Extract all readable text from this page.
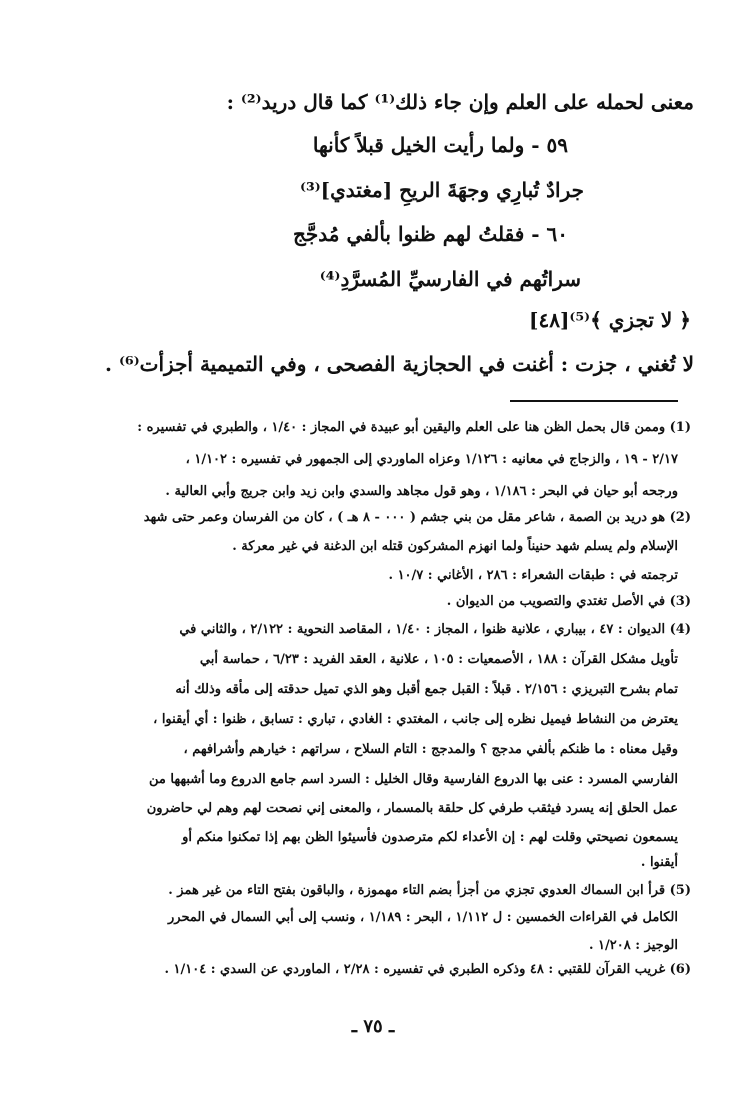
معنى لحمله على العلم وإن جاء ذلك⁽¹⁾ كما قال دريد⁽²⁾ :
٥٩ - ولما رأيت الخيل قبلاً كأنها
جرادٌ تُبارِي وجهَةَ الريحِ [مغتدي]⁽³⁾
٦٠ - فقلتُ لهم ظنوا بألفي مُدجَّج
سراتُهم في الفارسيِّ المُسرَّدِ⁽⁴⁾
﴿ لا تجزي ﴾⁽⁵⁾[٤٨]
لا تُغني ، جزت : أغنت في الحجازية الفصحى ، وفي التميمية أجزأت⁽⁶⁾ .
(1) وممن قال بحمل الظن هنا على العلم واليقين أبو عبيدة في المجاز : ١/٤٠ ، والطبري في تفسيره :
٢/١٧ - ١٩ ، والزجاج في معانيه : ١/١٢٦ وعزاه الماوردي إلى الجمهور في تفسيره : ١/١٠٢ ،
ورجحه أبو حيان في البحر : ١/١٨٦ ، وهو قول مجاهد والسدي وابن زيد وابن جريج وأبي العالية .
(2) هو دريد بن الصمة ، شاعر مقل من بني جشم ( ٠٠٠ - ٨ هـ ) ، كان من الفرسان وعمر حتى شهد
الإسلام ولم يسلم شهد حنيناً ولما انهزم المشركون قتله ابن الدغنة في غير معركة .
ترجمته في : طبقات الشعراء : ٢٨٦ ، الأغاني : ١٠/٧ .
(3) في الأصل تغتدي والتصويب من الديوان .
(4) الديوان : ٤٧ ، بيباري ، علانية ظنوا ، المجاز : ١/٤٠ ، المقاصد النحوية : ٢/١٢٢ ، والثاني في
تأويل مشكل القرآن : ١٨٨ ، الأصمعيات : ١٠٥ ، علانية ، العقد الفريد : ٦/٢٣ ، حماسة أبي
تمام بشرح التبريزي : ٢/١٥٦ . قبلاً : القبل جمع أقبل وهو الذي تميل حدقته إلى مأقه وذلك أنه
يعترض من النشاط فيميل نظره إلى جانب ، المغتدي : الغادي ، تباري : تسابق ، ظنوا : أي أيقنوا ،
وقيل معناه : ما ظنكم بألفي مدجج ؟ والمدجج : التام السلاح ، سراتهم : خيارهم وأشرافهم ،
الفارسي المسرد : عنى بها الدروع الفارسية وقال الخليل : السرد اسم جامع الدروع وما أشبهها من
عمل الحلق إنه يسرد فيثقب طرفي كل حلقة بالمسمار ، والمعنى إني نصحت لهم وهم لي حاضرون
يسمعون نصيحتي وقلت لهم : إن الأعداء لكم مترصدون فأسيئوا الظن بهم إذا تمكنوا منكم أو
أيقنوا .
(5) قرأ ابن السماك العدوي تجزي من أجزأ بضم التاء مهموزة ، والباقون بفتح التاء من غير همز .
الكامل في القراءات الخمسين : ل ١/١١٢ ، البحر : ١/١٨٩ ، ونسب إلى أبي السمال في المحرر
الوجيز : ١/٢٠٨ .
(6) غريب القرآن للقتبي : ٤٨ وذكره الطبري في تفسيره : ٢/٢٨ ، الماوردي عن السدي : ١/١٠٤ .
ـ ٧٥ ـ
